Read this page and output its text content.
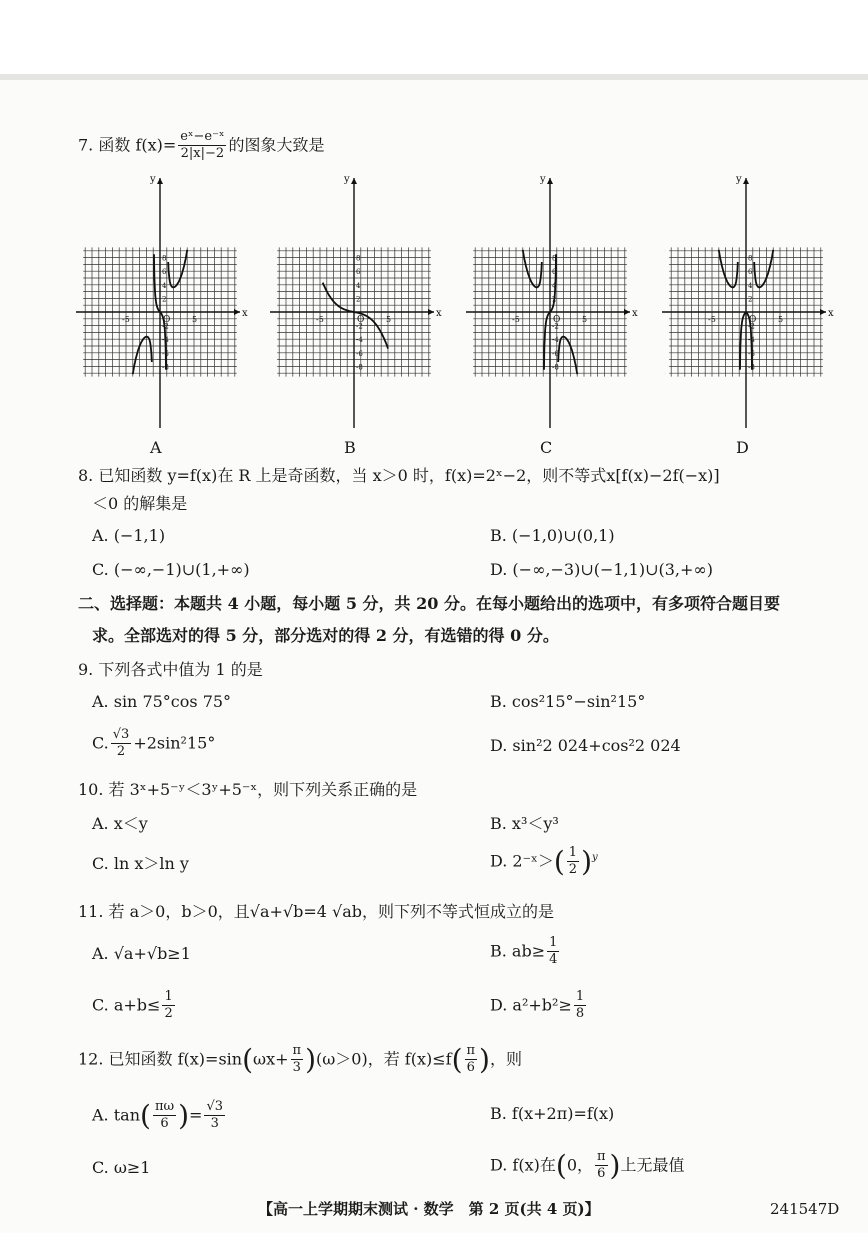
7. 函数 $f(x)= \frac{\text{eˣ−e⁻ˣ}}{2|x|-2}$ 的图象大致是
y
x
O
-5	5
8
6
4
2
-2
-4
-6
-8
y
x
O
-5	5
8
6
4
2
-2
-4
-6
-8
y
x
O
-5	5
8
6
4
2
-2
-4
-6
-8
y
x
O
-5	5
8
6
4
2
-2
-4
-6
-8
A	B	C	D
8. 已知函数 y=f(x)在 R 上是奇函数，当 x＞0 时，f(x)=2ˣ−2，则不等式x[f(x)−2f(−x)]
＜0 的解集是
A. (−1,1)	B. (−1,0)∪(0,1)
C. (−∞,−1)∪(1,+∞)	D. (−∞,−3)∪(−1,1)∪(3,+∞)
二、选择题：本题共 4 小题，每小题 5 分，共 20 分。在每小题给出的选项中，有多项符合题目要
求。全部选对的得 5 分，部分选对的得 2 分，有选错的得 0 分。
9. 下列各式中值为 1 的是
A. sin 75°cos 75°	B. cos²15°−sin²15°
C. $\frac{√3}{2} +2\sin^215^\circ$	D. sin²2 024+cos²2 024
10. 若 3ˣ+5⁻ʸ＜3ʸ+5⁻ˣ，则下列关系正确的是
A. x＜y	B. x³＜y³
C. ln x＞ln y	D. 2⁻ˣ＞( $\frac{1}{2} )^y$
11. 若 a＞0，b＞0，且√a+√b=4 √ab，则下列不等式恒成立的是
A. √a+√b≥1	B. $ab\ge \frac{1}{4}$
C. $a+b\le \frac{1}{2}$	D. $a^2+b^2\ge \frac{1}{8}$
12. 已知函数 $f(x)=\sin(\omega x+ \frac{\pi}{3} )(\omega>0)$，若 $f(x)\le f( \frac{\pi}{6}$ )，则
A. $\tan( \frac{\pi\omega}{6}$ )= $\frac{√3}{3}$	B. f(x+2π)=f(x)
C. ω≥1	D. f(x)在(0， $\frac{\pi}{6}$ )上无最值
【高一上学期期末测试 · 数学　第 2 页(共 4 页)】	241547D
